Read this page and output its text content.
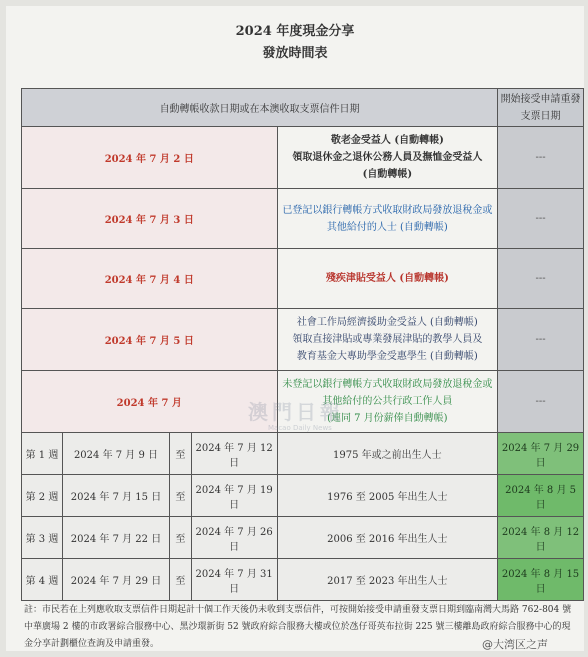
2024 年度現金分享
發放時間表
自動轉帳收款日期或在本澳收取支票信件日期					開始接受申請重發
支票日期

2024 年 7 月 2 日				敬老金受益人 (自動轉帳)
領取退休金之退休公務人員及撫恤金受益人
(自動轉帳)	---
2024 年 7 月 3 日				已登記以銀行轉帳方式收取財政局發放退稅金或
其他給付的人士 (自動轉帳)	---
2024 年 7 月 4 日				殘疾津貼受益人 (自動轉帳)	---
2024 年 7 月 5 日				社會工作局經濟援助金受益人 (自動轉帳)
領取直接津貼或專業發展津貼的教學人員及
教育基金大專助學金受惠學生 (自動轉帳)	---
2024 年 7 月				未登記以銀行轉帳方式收取財政局發放退稅金或
其他給付的公共行政工作人員
(連同 7 月份薪俸自動轉帳)	---
第 1 週	2024 年 7 月 9 日	至	2024 年 7 月 12 日	1975 年或之前出生人士	2024 年 7 月 29 日
第 2 週	2024 年 7 月 15 日	至	2024 年 7 月 19 日	1976 至 2005 年出生人士	2024 年 8 月 5 日
第 3 週	2024 年 7 月 22 日	至	2024 年 7 月 26 日	2006 至 2016 年出生人士	2024 年 8 月 12 日
第 4 週	2024 年 7 月 29 日	至	2024 年 7 月 31 日	2017 至 2023 年出生人士	2024 年 8 月 15 日
澳門日報
Macao Daily News
註：市民若在上列應收取支票信件日期起計十個工作天後仍未收到支票信件，可按開始接受申請重發支票日期到臨南灣大馬路 762-804 號中華廣場 2 樓的市政署綜合服務中心、黑沙環新街 52 號政府綜合服務大樓或位於氹仔哥英布拉街 225 號三樓離島政府綜合服務中心的現金分享計劃櫃位查詢及申請重發。	@大湾区之声
